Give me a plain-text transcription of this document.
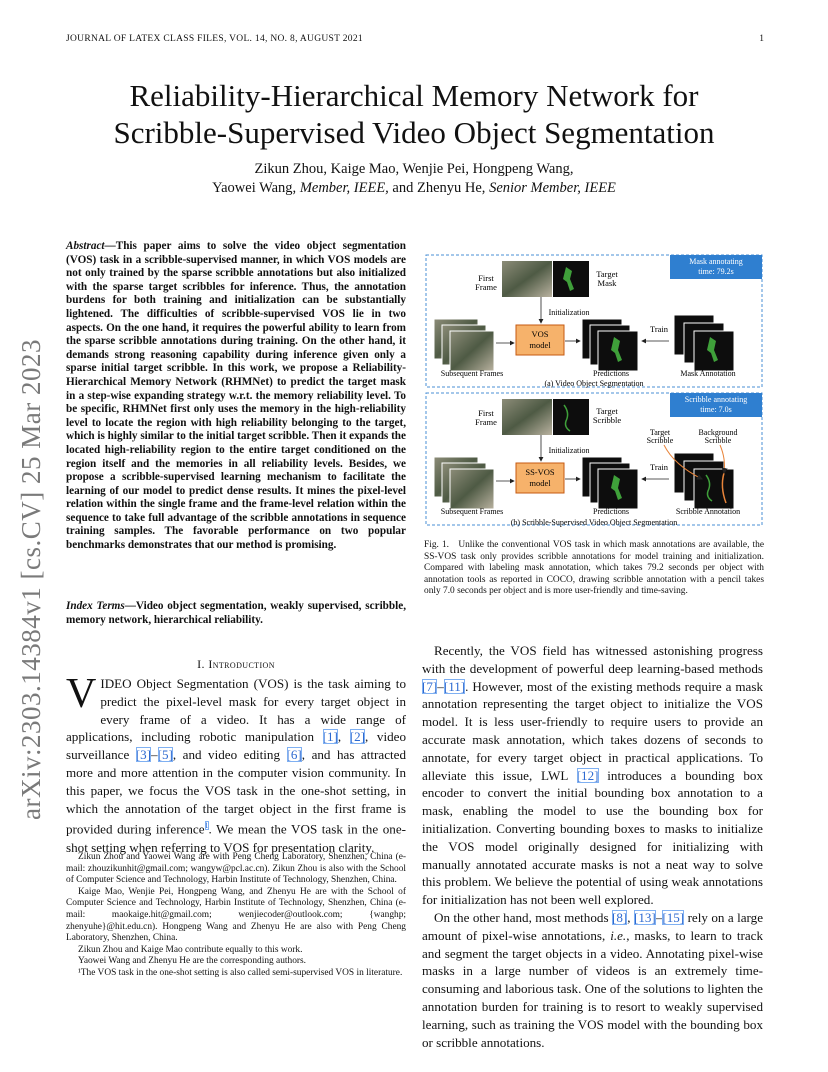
JOURNAL OF LATEX CLASS FILES, VOL. 14, NO. 8, AUGUST 2021	1
arXiv:2303.14384v1 [cs.CV] 25 Mar 2023
Reliability-Hierarchical Memory Network for
Scribble-Supervised Video Object Segmentation
Zikun Zhou, Kaige Mao, Wenjie Pei, Hongpeng Wang,
Yaowei Wang, Member, IEEE, and Zhenyu He, Senior Member, IEEE
Abstract—This paper aims to solve the video object segmentation (VOS) task in a scribble-supervised manner, in which VOS models are not only trained by the sparse scribble annotations but also initialized with the sparse target scribbles for inference. Thus, the annotation burdens for both training and initialization can be substantially lightened. The difficulties of scribble-supervised VOS lie in two aspects. On the one hand, it requires the powerful ability to learn from the sparse scribble annotations during training. On the other hand, it demands strong reasoning capability during inference given only a sparse initial target scribble. In this work, we propose a Reliability-Hierarchical Memory Network (RHMNet) to predict the target mask in a step-wise expanding strategy w.r.t. the memory reliability level. To be specific, RHMNet first only uses the memory in the high-reliability level to locate the region with high reliability belonging to the target, which is highly similar to the initial target scribble. Then it expands the located high-reliability region to the entire target conditioned on the region itself and the memories in all reliability levels. Besides, we propose a scribble-supervised learning mechanism to facilitate the learning of our model to predict dense results. It mines the pixel-level relation within the single frame and the frame-level relation within the sequence to take full advantage of the scribble annotations in sequence training samples. The favorable performance on two popular benchmarks demonstrates that our method is promising.
Index Terms—Video object segmentation, weakly supervised, scribble, memory network, hierarchical reliability.
I. Introduction
VIDEO Object Segmentation (VOS) is the task aiming to predict the pixel-level mask for every target object in every frame of a video. It has a wide range of applications, including robotic manipulation [1], [2], video surveillance [3]–[5], and video editing [6], and has attracted more and more attention in the computer vision community. In this paper, we focus the VOS task in the one-shot setting, in which the annotation of the target object in the first frame is provided during inference$^1$. We mean the VOS task in the one-shot setting when referring to VOS for presentation clarity.

Zikun Zhou and Yaowei Wang are with Peng Cheng Laboratory, Shenzhen, China (e-mail: zhouzikunhit@gmail.com; wangyw@pcl.ac.cn). Zikun Zhou is also with the School of Computer Science and Technology, Harbin Institute of Technology, Shenzhen, China.

Kaige Mao, Wenjie Pei, Hongpeng Wang, and Zhenyu He are with the School of Computer Science and Technology, Harbin Institute of Technology, Shenzhen, China (e-mail: maokaige.hit@gmail.com; wenjiecoder@outlook.com; {wanghp; zhenyuhe}@hit.edu.cn). Hongpeng Wang and Zhenyu He are also with Peng Cheng Laboratory, Shenzhen, China.

Zikun Zhou and Kaige Mao contribute equally to this work.

Yaowei Wang and Zhenyu He are the corresponding authors.

¹The VOS task in the one-shot setting is also called semi-supervised VOS in literature.

Mask annotating
time: 79.2s
First
Frame
Target
Mask
Initialization
VOS
model
Train
Subsequent Frames	Predictions	Mask Annotation
(a) Video Object Segmentation
Scribble annotating
time: 7.0s
First
Frame
Target
Scribble
Target
Scribble
Background
Scribble
Initialization
SS-VOS
model
Train
Subsequent Frames	Predictions	Scribble Annotation
(b) Scribble-Supervised Video Object Segmentation
Fig. 1.   Unlike the conventional VOS task in which mask annotations are available, the SS-VOS task only provides scribble annotations for model training and initialization. Compared with labeling mask annotation, which takes 79.2 seconds per object with annotation tools as reported in COCO, drawing scribble annotation with a pencil takes only 7.0 seconds per object and is more user-friendly and time-saving.

Recently, the VOS field has witnessed astonishing progress with the development of powerful deep learning-based methods [7]–[11]. However, most of the existing methods require a mask annotation representing the target object to initialize the VOS model. It is less user-friendly to require users to provide an accurate mask annotation, which takes dozens of seconds to annotate, for every target object in practical applications. To alleviate this issue, LWL [12] introduces a bounding box encoder to convert the initial bounding box annotation to a mask, enabling the model to use the bounding box for initialization. Converting bounding boxes to masks to initialize the VOS model originally designed for initializing with manually annotated accurate masks is not a neat way to solve this problem. We believe the potential of using weak annotations for initialization has not been well explored.

On the other hand, most methods [8], [13]–[15] rely on a large amount of pixel-wise annotations, i.e., masks, to learn to track and segment the target objects in a video. Annotating pixel-wise masks in a large number of videos is an extremely time-consuming and laborious task. One of the solutions to lighten the annotation burden for training is to resort to weakly supervised learning, such as training the VOS model with the bounding box or scribble annotations.
